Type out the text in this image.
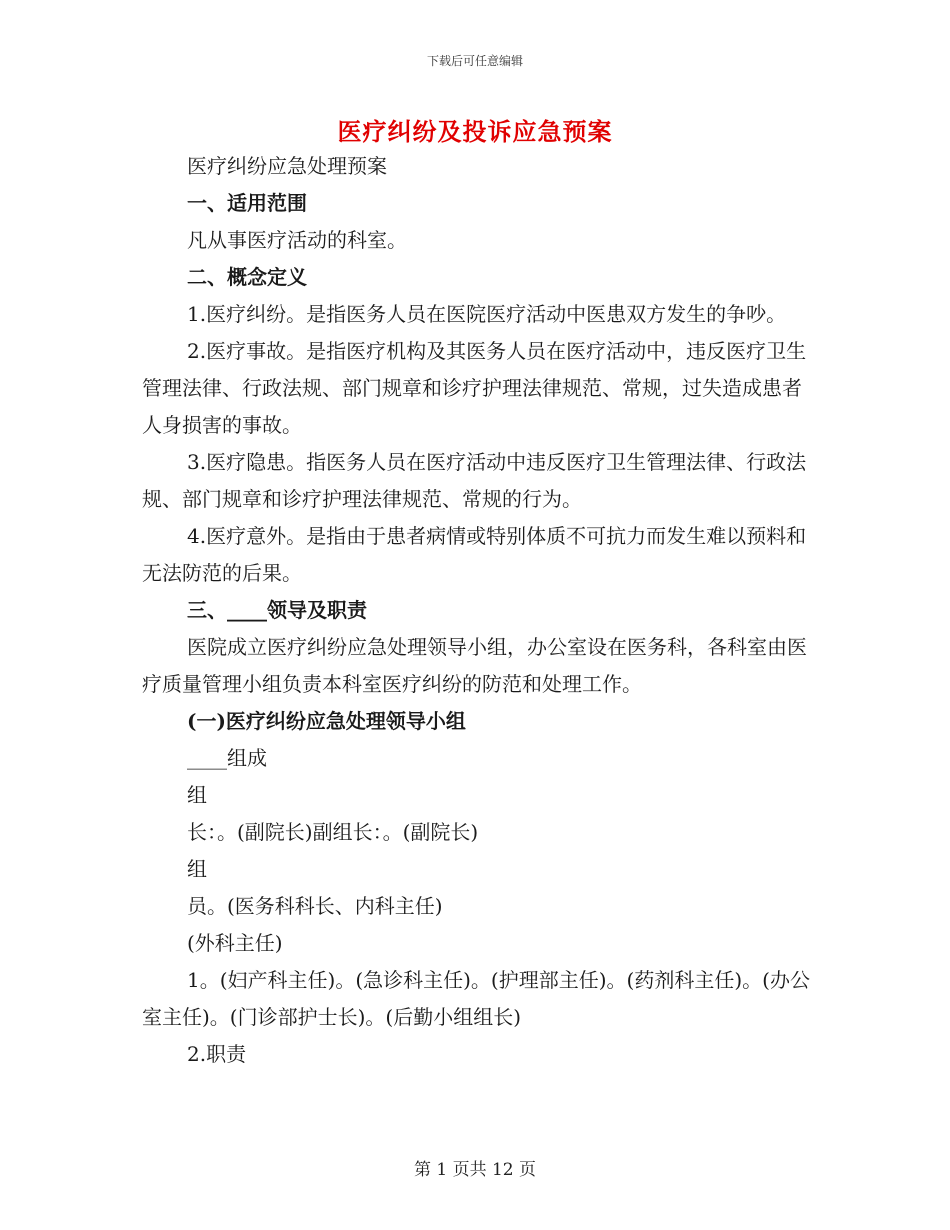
下载后可任意编辑
医疗纠纷及投诉应急预案

医疗纠纷应急处理预案

一、适用范围

凡从事医疗活动的科室。

二、概念定义

1.医疗纠纷。是指医务人员在医院医疗活动中医患双方发生的争吵。

2.医疗事故。是指医疗机构及其医务人员在医疗活动中，违反医疗卫生管理法律、行政法规、部门规章和诊疗护理法律规范、常规，过失造成患者人身损害的事故。

3.医疗隐患。指医务人员在医疗活动中违反医疗卫生管理法律、行政法规、部门规章和诊疗护理法律规范、常规的行为。

4.医疗意外。是指由于患者病情或特别体质不可抗力而发生难以预料和无法防范的后果。

三、____领导及职责

医院成立医疗纠纷应急处理领导小组，办公室设在医务科，各科室由医疗质量管理小组负责本科室医疗纠纷的防范和处理工作。

(一)医疗纠纷应急处理领导小组

____组成

组

长：。(副院长)副组长：。(副院长)

组

员。(医务科科长、内科主任)

(外科主任)

1。(妇产科主任)。(急诊科主任)。(护理部主任)。(药剂科主任)。(办公室主任)。(门诊部护士长)。(后勤小组组长)

2.职责

第 1 页共 12 页
